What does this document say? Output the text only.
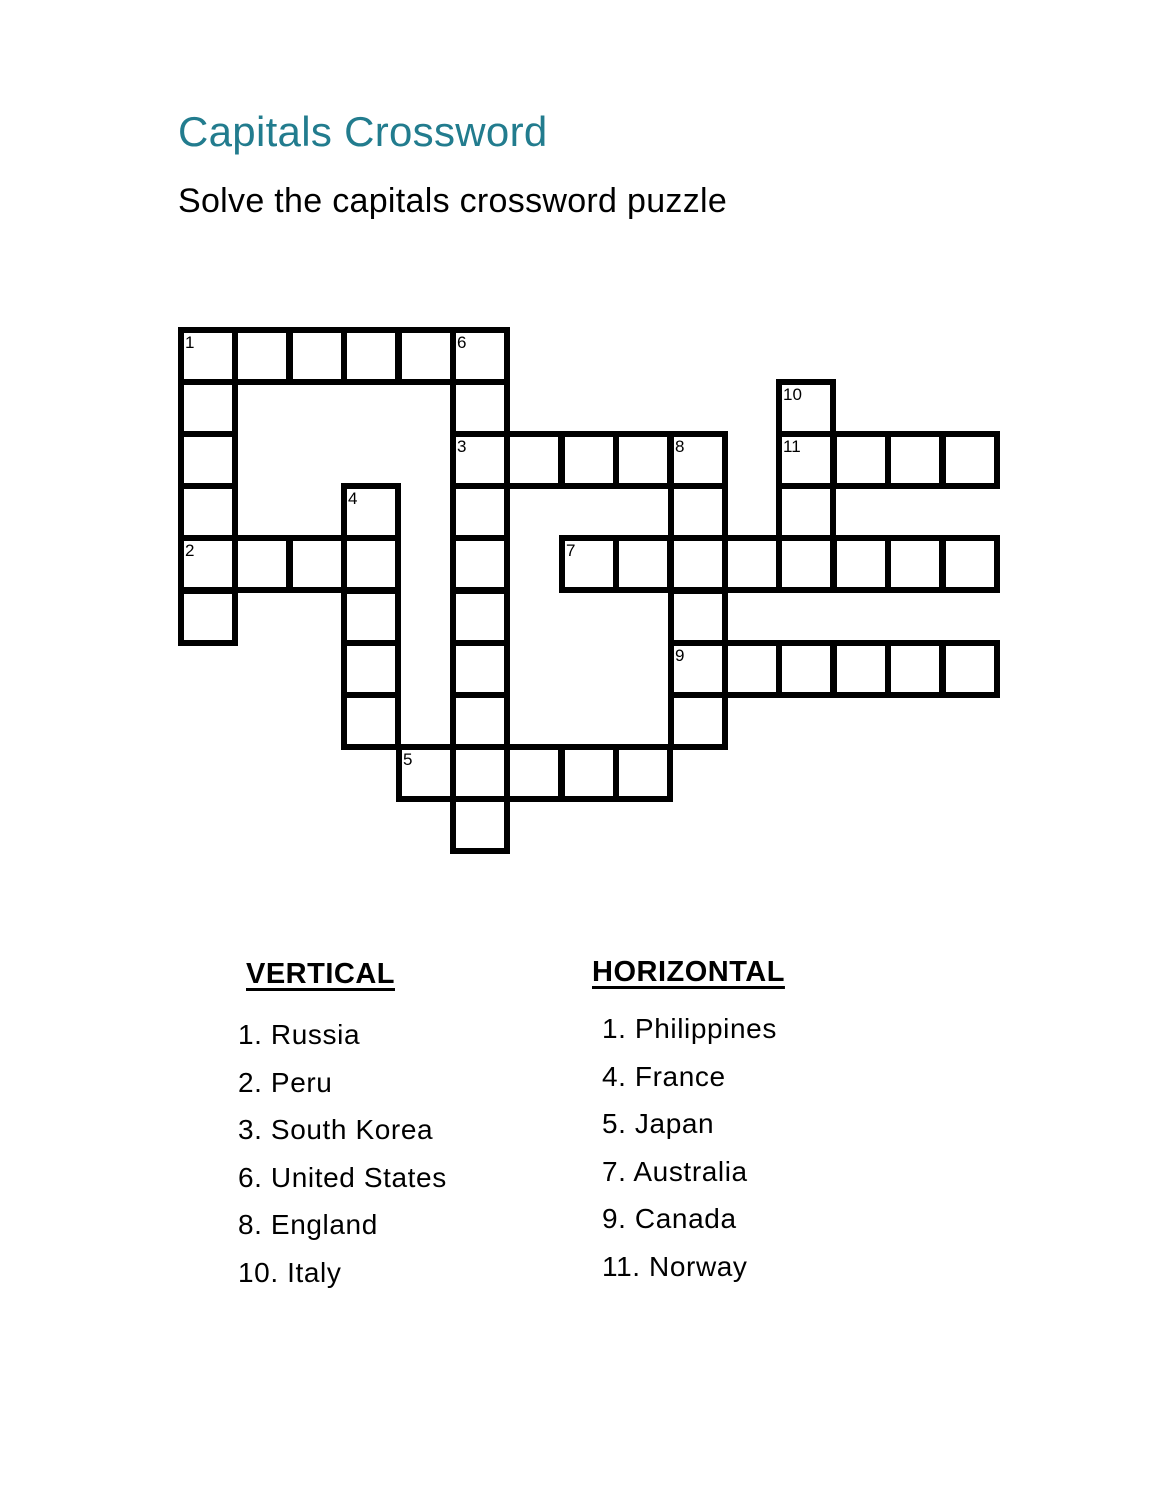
Capitals Crossword

Solve the capitals crossword puzzle

1	6
10
3	8	11
4
2	7
9
5
VERTICAL
1. Russia
2. Peru
3. South Korea
6. United States
8. England
10. Italy
HORIZONTAL
1. Philippines
4. France
5. Japan
7. Australia
9. Canada
11. Norway
